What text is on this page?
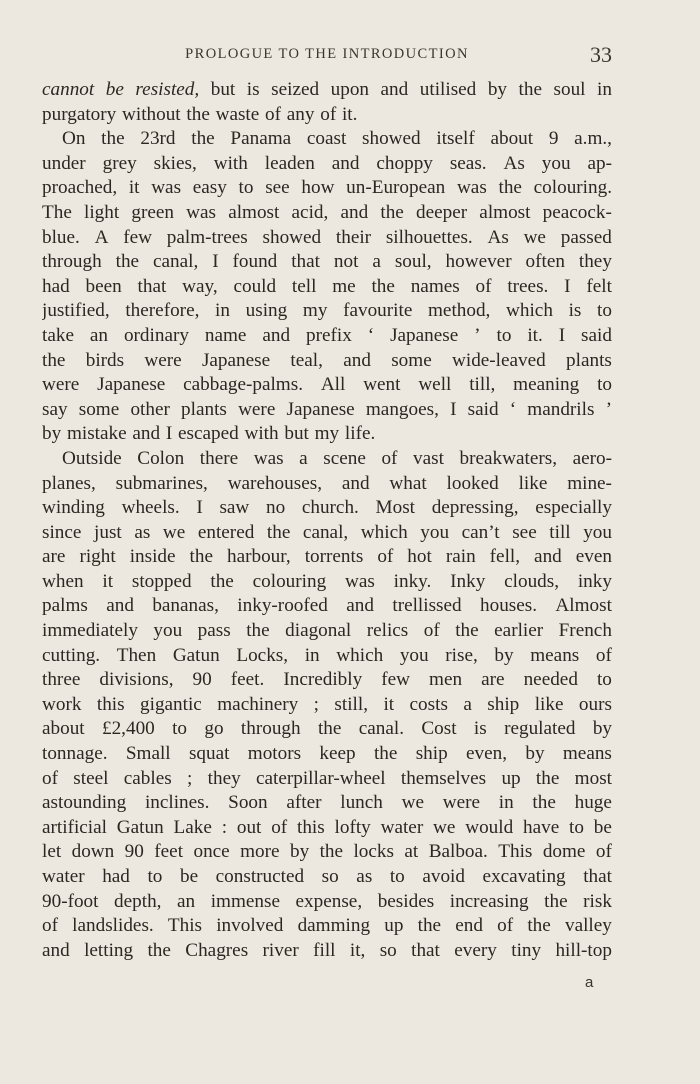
PROLOGUE TO THE INTRODUCTION	33
cannot be resisted, but is seized upon and utilised by the soul in
purgatory without the waste of any of it.
On the 23rd the Panama coast showed itself about 9 a.m.,
under grey skies, with leaden and choppy seas. As you ap-
proached, it was easy to see how un-European was the colouring.
The light green was almost acid, and the deeper almost peacock-
blue. A few palm-trees showed their silhouettes. As we passed
through the canal, I found that not a soul, however often they
had been that way, could tell me the names of trees. I felt
justified, therefore, in using my favourite method, which is to
take an ordinary name and prefix ‘ Japanese ’ to it. I said
the birds were Japanese teal, and some wide-leaved plants
were Japanese cabbage-palms. All went well till, meaning to
say some other plants were Japanese mangoes, I said ‘ mandrils ’
by mistake and I escaped with but my life.
Outside Colon there was a scene of vast breakwaters, aero-
planes, submarines, warehouses, and what looked like mine-
winding wheels. I saw no church. Most depressing, especially
since just as we entered the canal, which you can’t see till you
are right inside the harbour, torrents of hot rain fell, and even
when it stopped the colouring was inky. Inky clouds, inky
palms and bananas, inky-roofed and trellissed houses. Almost
immediately you pass the diagonal relics of the earlier French
cutting. Then Gatun Locks, in which you rise, by means of
three divisions, 90 feet. Incredibly few men are needed to
work this gigantic machinery ; still, it costs a ship like ours
about £2,400 to go through the canal. Cost is regulated by
tonnage. Small squat motors keep the ship even, by means
of steel cables ; they caterpillar-wheel themselves up the most
astounding inclines. Soon after lunch we were in the huge
artificial Gatun Lake : out of this lofty water we would have to be
let down 90 feet once more by the locks at Balboa. This dome of
water had to be constructed so as to avoid excavating that
90-foot depth, an immense expense, besides increasing the risk
of landslides. This involved damming up the end of the valley
and letting the Chagres river fill it, so that every tiny hill-top
a
